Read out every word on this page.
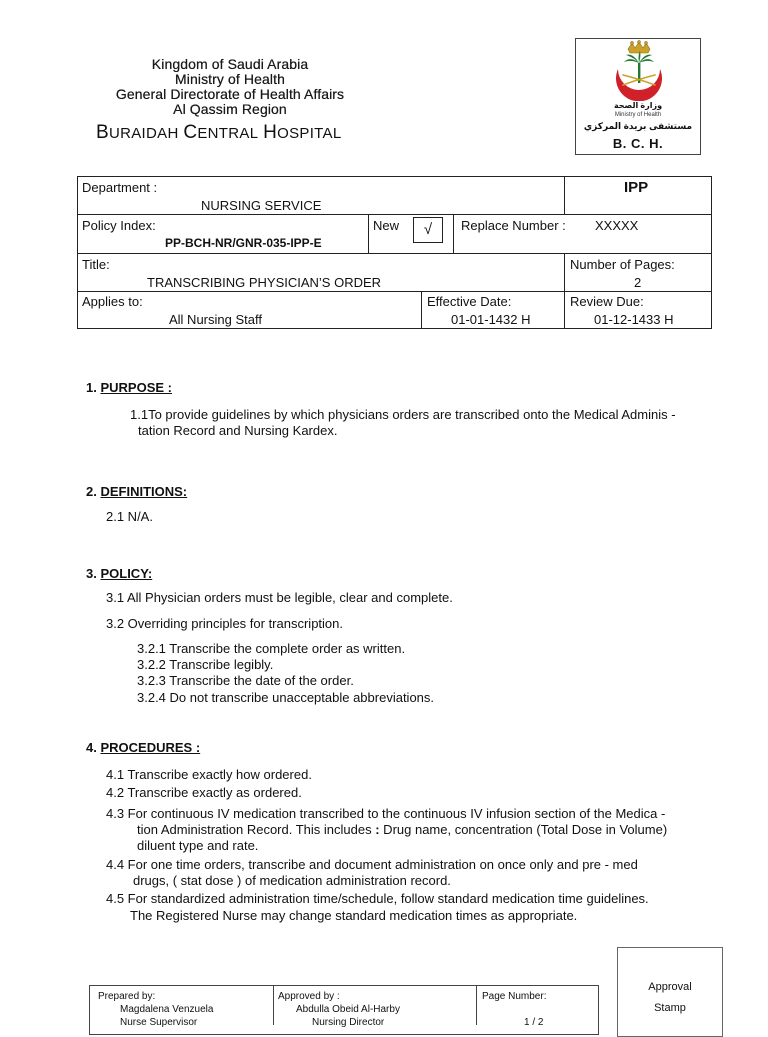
Kingdom of Saudi Arabia
Ministry of Health
General Directorate of Health Affairs
Al Qassim Region
BURAIDAH CENTRAL HOSPITAL
وزارة الصحة
Ministry of Health
مستشفى بريدة المركزي
B. C. H.
Department :
NURSING SERVICE
IPP
Policy Index:
PP-BCH-NR/GNR-035-IPP-E
New	√	Replace Number : XXXXX
Title:
TRANSCRIBING PHYSICIAN’S ORDER
Number of Pages:
2
Applies to:
All Nursing Staff
Effective Date:
01-01-1432 H
Review Due:
01-12-1433 H
1. PURPOSE :
1.1To provide guidelines by which physicians orders are transcribed onto the Medical Adminis -
tation Record and Nursing Kardex.
2. DEFINITIONS:
2.1 N/A.
3. POLICY:
3.1 All Physician orders must be legible, clear and complete.
3.2 Overriding principles for transcription.
3.2.1 Transcribe the complete order as written.
3.2.2 Transcribe legibly.
3.2.3 Transcribe the date of the order.
3.2.4 Do not transcribe unacceptable abbreviations.
4. PROCEDURES :
4.1 Transcribe exactly how ordered.
4.2 Transcribe exactly as ordered.
4.3 For continuous IV medication transcribed to the continuous IV infusion section of the Medica -
tion Administration Record. This includes : Drug name, concentration (Total Dose in Volume)
diluent type and rate.
4.4 For one time orders, transcribe and document administration on once only and pre - med
drugs, ( stat dose ) of medication administration record.
4.5 For standardized administration time/schedule, follow standard medication time guidelines.
The Registered Nurse may change standard medication times as appropriate.
Prepared by:
Magdalena Venzuela
Nurse Supervisor
Approved by :
Abdulla Obeid Al-Harby
Nursing Director
Page Number:
1 / 2
Approval
Stamp
